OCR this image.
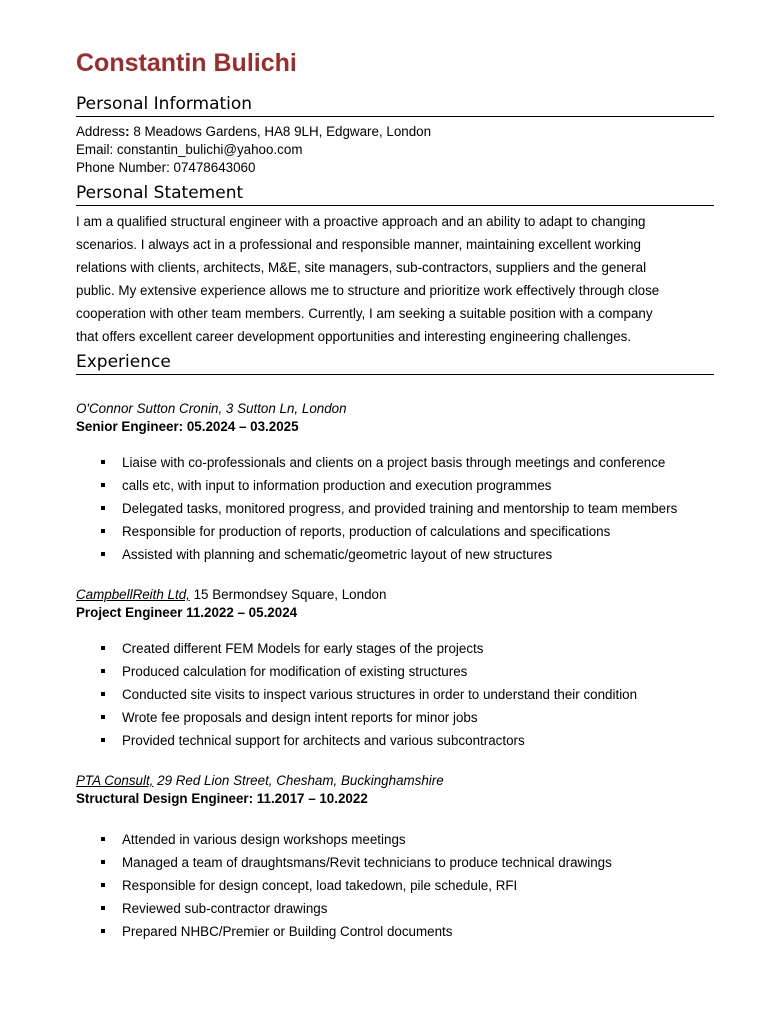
Constantin Bulichi
Personal Information
Address: 8 Meadows Gardens, HA8 9LH, Edgware, London
Email: constantin_bulichi@yahoo.com
Phone Number: 07478643060
Personal Statement

I am a qualified structural engineer with a proactive approach and an ability to adapt to changing

scenarios. I always act in a professional and responsible manner, maintaining excellent working

relations with clients, architects, M&E, site managers, sub-contractors, suppliers and the general

public. My extensive experience allows me to structure and prioritize work effectively through close

cooperation with other team members. Currently, I am seeking a suitable position with a company

that offers excellent career development opportunities and interesting engineering challenges.

Experience
O'Connor Sutton Cronin, 3 Sutton Ln, London
Senior Engineer: 05.2024 – 03.2025
Liaise with co-professionals and clients on a project basis through meetings and conference
calls etc, with input to information production and execution programmes
Delegated tasks, monitored progress, and provided training and mentorship to team members
Responsible for production of reports, production of calculations and specifications
Assisted with planning and schematic/geometric layout of new structures
CampbellReith Ltd, 15 Bermondsey Square, London
Project Engineer 11.2022 – 05.2024
Created different FEM Models for early stages of the projects
Produced calculation for modification of existing structures
Conducted site visits to inspect various structures in order to understand their condition
Wrote fee proposals and design intent reports for minor jobs
Provided technical support for architects and various subcontractors
PTA Consult, 29 Red Lion Street, Chesham, Buckinghamshire
Structural Design Engineer: 11.2017 – 10.2022
Attended in various design workshops meetings
Managed a team of draughtsmans/Revit technicians to produce technical drawings
Responsible for design concept, load takedown, pile schedule, RFI
Reviewed sub-contractor drawings
Prepared NHBC/Premier or Building Control documents
